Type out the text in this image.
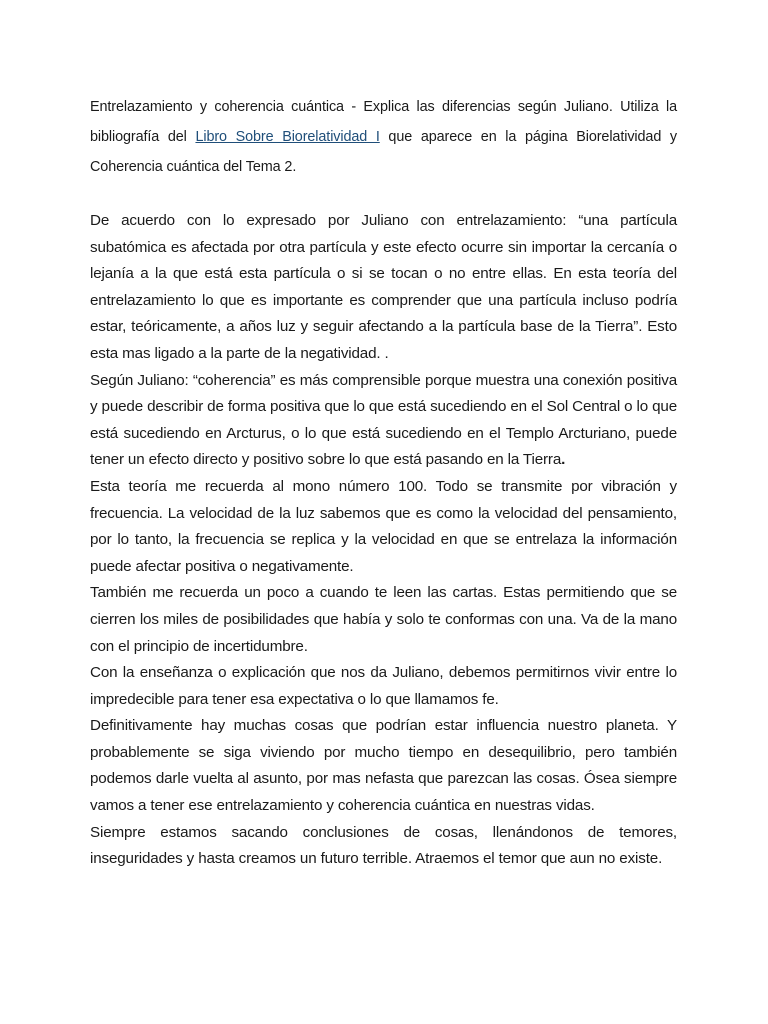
Entrelazamiento y coherencia cuántica - Explica las diferencias según Juliano. Utiliza la bibliografía del Libro Sobre Biorelatividad I que aparece en la página Biorelatividad y Coherencia cuántica del Tema 2.

De acuerdo con lo expresado por Juliano con entrelazamiento: “una partícula subatómica es afectada por otra partícula y este efecto ocurre sin importar la cercanía o lejanía a la que está esta partícula o si se tocan o no entre ellas. En esta teoría del entrelazamiento lo que es importante es comprender que una partícula incluso podría estar, teóricamente, a años luz y seguir afectando a la partícula base de la Tierra”. Esto esta mas ligado a la parte de la negatividad. .

Según Juliano: “coherencia” es más comprensible porque muestra una conexión positiva y puede describir de forma positiva que lo que está sucediendo en el Sol Central o lo que está sucediendo en Arcturus, o lo que está sucediendo en el Templo Arcturiano, puede tener un efecto directo y positivo sobre lo que está pasando en la Tierra.

Esta teoría me recuerda al mono número 100. Todo se transmite por vibración y frecuencia. La velocidad de la luz sabemos que es como la velocidad del pensamiento, por lo tanto, la frecuencia se replica y la velocidad en que se entrelaza la información puede afectar positiva o negativamente.

También me recuerda un poco a cuando te leen las cartas. Estas permitiendo que se cierren los miles de posibilidades que había y solo te conformas con una. Va de la mano con el principio de incertidumbre.

Con la enseñanza o explicación que nos da Juliano, debemos permitirnos vivir entre lo impredecible para tener esa expectativa o lo que llamamos fe.

Definitivamente hay muchas cosas que podrían estar influencia nuestro planeta. Y probablemente se siga viviendo por mucho tiempo en desequilibrio, pero también podemos darle vuelta al asunto, por mas nefasta que parezcan las cosas. Ósea siempre vamos a tener ese entrelazamiento y coherencia cuántica en nuestras vidas.

Siempre estamos sacando conclusiones de cosas, llenándonos de temores, inseguridades y hasta creamos un futuro terrible. Atraemos el temor que aun no existe.
